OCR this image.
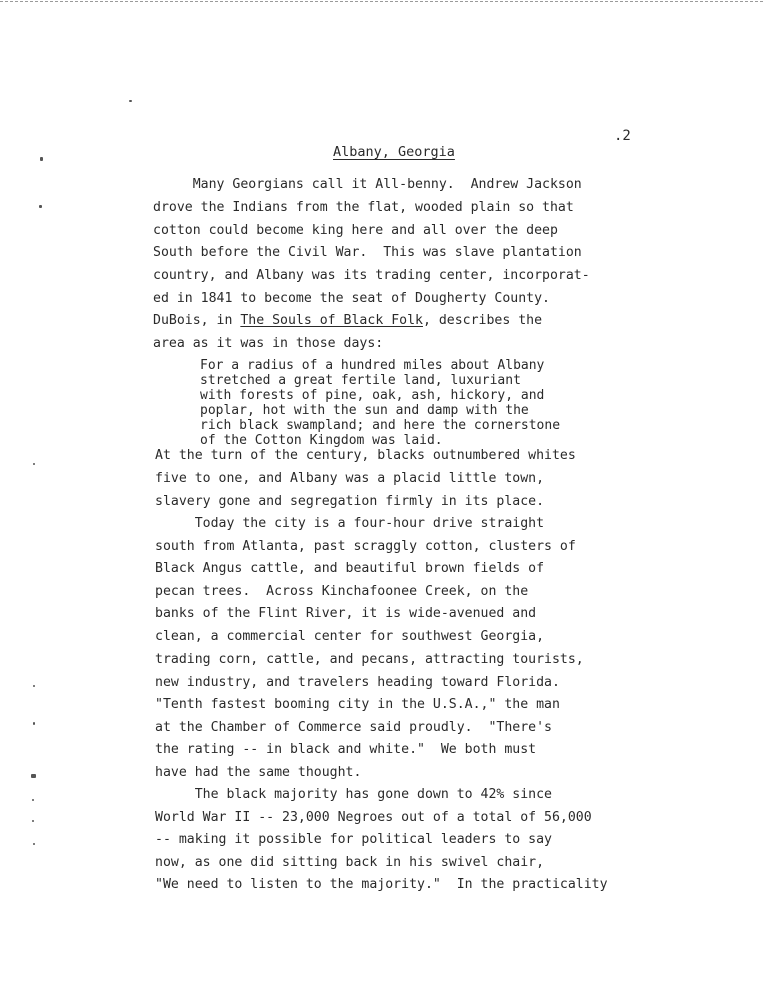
.2
Albany, Georgia
Many Georgians call it All-benny.  Andrew Jackson
drove the Indians from the flat, wooded plain so that
cotton could become king here and all over the deep
South before the Civil War.  This was slave plantation
country, and Albany was its trading center, incorporat-
ed in 1841 to become the seat of Dougherty County.
DuBois, in The Souls of Black Folk, describes the
area as it was in those days:
For a radius of a hundred miles about Albany
stretched a great fertile land, luxuriant
with forests of pine, oak, ash, hickory, and
poplar, hot with the sun and damp with the
rich black swampland; and here the cornerstone
of the Cotton Kingdom was laid.
At the turn of the century, blacks outnumbered whites
five to one, and Albany was a placid little town,
slavery gone and segregation firmly in its place.
Today the city is a four-hour drive straight
south from Atlanta, past scraggly cotton, clusters of
Black Angus cattle, and beautiful brown fields of
pecan trees.  Across Kinchafoonee Creek, on the
banks of the Flint River, it is wide-avenued and
clean, a commercial center for southwest Georgia,
trading corn, cattle, and pecans, attracting tourists,
new industry, and travelers heading toward Florida.
"Tenth fastest booming city in the U.S.A.," the man
at the Chamber of Commerce said proudly.  "There's
the rating -- in black and white."  We both must
have had the same thought.
The black majority has gone down to 42% since
World War II -- 23,000 Negroes out of a total of 56,000
-- making it possible for political leaders to say
now, as one did sitting back in his swivel chair,
"We need to listen to the majority."  In the practicality
